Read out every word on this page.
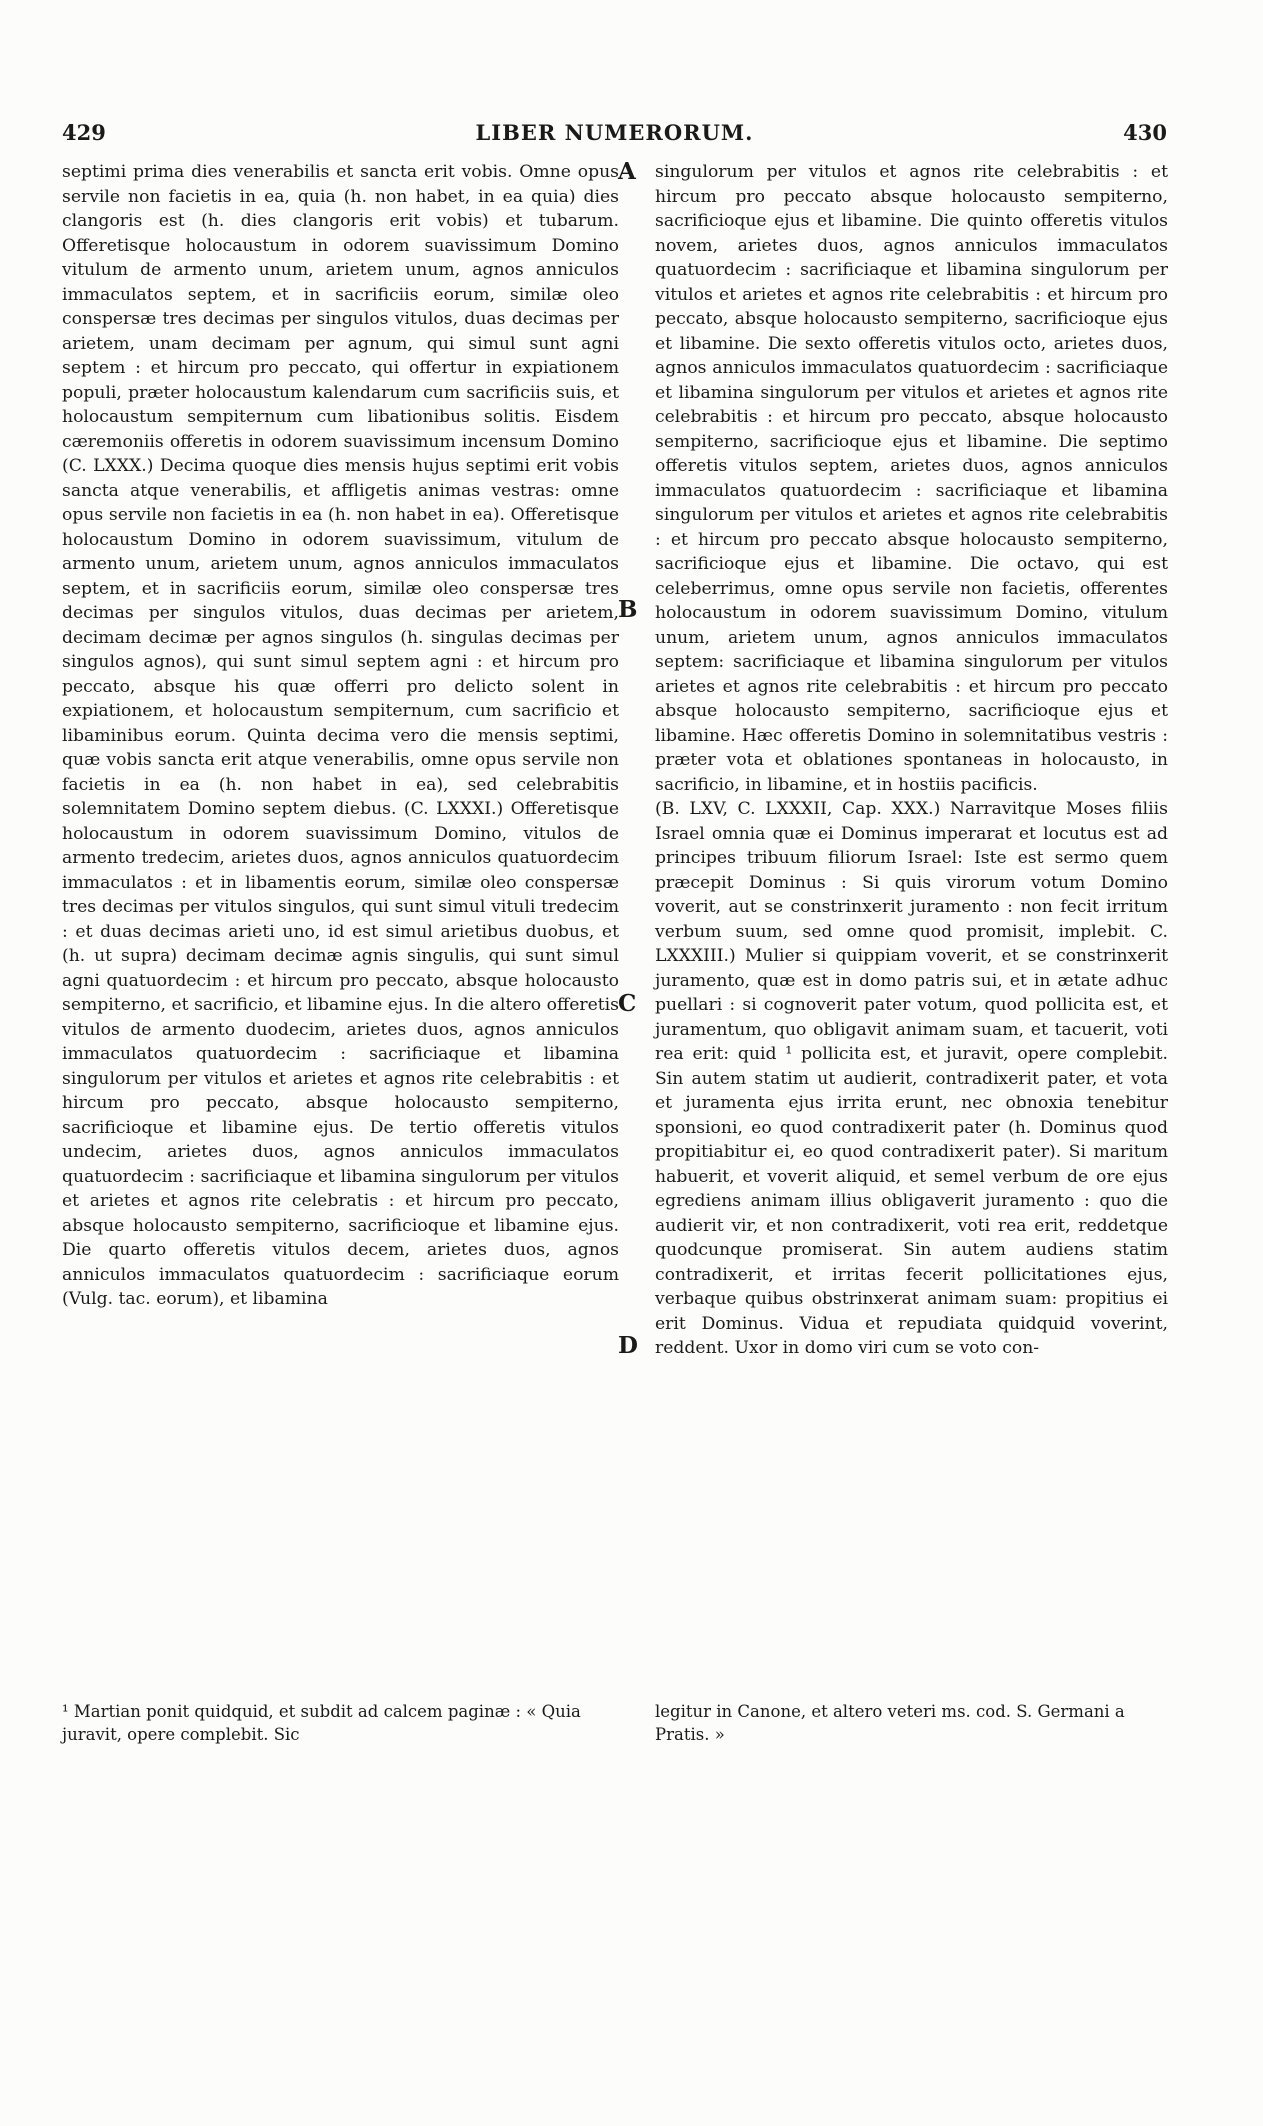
429	LIBER NUMERORUM.	430

septimi prima dies venerabilis et sancta erit vobis. Omne opus servile non facietis in ea, quia (h. non habet, in ea quia) dies clangoris est (h. dies clangoris erit vobis) et tubarum. Offeretisque holocaustum in odorem suavissimum Domino vitulum de armento unum, arietem unum, agnos anniculos immaculatos septem, et in sacrificiis eorum, similæ oleo conspersæ tres decimas per singulos vitulos, duas decimas per arietem, unam decimam per agnum, qui simul sunt agni septem : et hircum pro peccato, qui offertur in expiationem populi, præter holocaustum kalendarum cum sacrificiis suis, et holocaustum sempiternum cum libationibus solitis. Eisdem cæremoniis offeretis in odorem suavissimum incensum Domino (C. LXXX.) Decima quoque dies mensis hujus septimi erit vobis sancta atque venerabilis, et affligetis animas vestras: omne opus servile non facietis in ea (h. non habet in ea). Offeretisque holocaustum Domino in odorem suavissimum, vitulum de armento unum, arietem unum, agnos anniculos immaculatos septem, et in sacrificiis eorum, similæ oleo conspersæ tres decimas per singulos vitulos, duas decimas per arietem, decimam decimæ per agnos singulos (h. singulas decimas per singulos agnos), qui sunt simul septem agni : et hircum pro peccato, absque his quæ offerri pro delicto solent in expiationem, et holocaustum sempiternum, cum sacrificio et libaminibus eorum. Quinta decima vero die mensis septimi, quæ vobis sancta erit atque venerabilis, omne opus servile non facietis in ea (h. non habet in ea), sed celebrabitis solemnitatem Domino septem diebus. (C. LXXXI.) Offeretisque holocaustum in odorem suavissimum Domino, vitulos de armento tredecim, arietes duos, agnos anniculos quatuordecim immaculatos : et in libamentis eorum, similæ oleo conspersæ tres decimas per vitulos singulos, qui sunt simul vituli tredecim : et duas decimas arieti uno, id est simul arietibus duobus, et (h. ut supra) decimam decimæ agnis singulis, qui sunt simul agni quatuordecim : et hircum pro peccato, absque holocausto sempiterno, et sacrificio, et libamine ejus. In die altero offeretis vitulos de armento duodecim, arietes duos, agnos anniculos immaculatos quatuordecim : sacrificiaque et libamina singulorum per vitulos et arietes et agnos rite celebrabitis : et hircum pro peccato, absque holocausto sempiterno, sacrificioque et libamine ejus. De tertio offeretis vitulos undecim, arietes duos, agnos anniculos immaculatos quatuordecim : sacrificiaque et libamina singulorum per vitulos et arietes et agnos rite celebratis : et hircum pro peccato, absque holocausto sempiterno, sacrificioque et libamine ejus. Die quarto offeretis vitulos decem, arietes duos, agnos anniculos immaculatos quatuordecim : sacrificiaque eorum (Vulg. tac. eorum), et libamina

singulorum per vitulos et agnos rite celebrabitis : et hircum pro peccato absque holocausto sempiterno, sacrificioque ejus et libamine. Die quinto offeretis vitulos novem, arietes duos, agnos anniculos immaculatos quatuordecim : sacrificiaque et libamina singulorum per vitulos et arietes et agnos rite celebrabitis : et hircum pro peccato, absque holocausto sempiterno, sacrificioque ejus et libamine. Die sexto offeretis vitulos octo, arietes duos, agnos anniculos immaculatos quatuordecim : sacrificiaque et libamina singulorum per vitulos et arietes et agnos rite celebrabitis : et hircum pro peccato, absque holocausto sempiterno, sacrificioque ejus et libamine. Die septimo offeretis vitulos septem, arietes duos, agnos anniculos immaculatos quatuordecim : sacrificiaque et libamina singulorum per vitulos et arietes et agnos rite celebrabitis : et hircum pro peccato absque holocausto sempiterno, sacrificioque ejus et libamine. Die octavo, qui est celeberrimus, omne opus servile non facietis, offerentes holocaustum in odorem suavissimum Domino, vitulum unum, arietem unum, agnos anniculos immaculatos septem: sacrificiaque et libamina singulorum per vitulos arietes et agnos rite celebrabitis : et hircum pro peccato absque holocausto sempiterno, sacrificioque ejus et libamine. Hæc offeretis Domino in solemnitatibus vestris : præter vota et oblationes spontaneas in holocausto, in sacrificio, in libamine, et in hostiis pacificis.

(B. LXV, C. LXXXII, Cap. XXX.) Narravitque Moses filiis Israel omnia quæ ei Dominus imperarat et locutus est ad principes tribuum filiorum Israel: Iste est sermo quem præcepit Dominus : Si quis virorum votum Domino voverit, aut se constrinxerit juramento : non fecit irritum verbum suum, sed omne quod promisit, implebit. C. LXXXIII.) Mulier si quippiam voverit, et se constrinxerit juramento, quæ est in domo patris sui, et in ætate adhuc puellari : si cognoverit pater votum, quod pollicita est, et juramentum, quo obligavit animam suam, et tacuerit, voti rea erit: quid ¹ pollicita est, et juravit, opere complebit. Sin autem statim ut audierit, contradixerit pater, et vota et juramenta ejus irrita erunt, nec obnoxia tenebitur sponsioni, eo quod contradixerit pater (h. Dominus quod propitiabitur ei, eo quod contradixerit pater). Si maritum habuerit, et voverit aliquid, et semel verbum de ore ejus egrediens animam illius obligaverit juramento : quo die audierit vir, et non contradixerit, voti rea erit, reddetque quodcunque promiserat. Sin autem audiens statim contradixerit, et irritas fecerit pollicitationes ejus, verbaque quibus obstrinxerat animam suam: propitius ei erit Dominus. Vidua et repudiata quidquid voverint, reddent. Uxor in domo viri cum se voto con-

A
B
C
D
¹ Martian ponit quidquid, et subdit ad calcem paginæ : « Quia juravit, opere complebit. Sic
legitur in Canone, et altero veteri ms. cod. S. Germani a Pratis. »
